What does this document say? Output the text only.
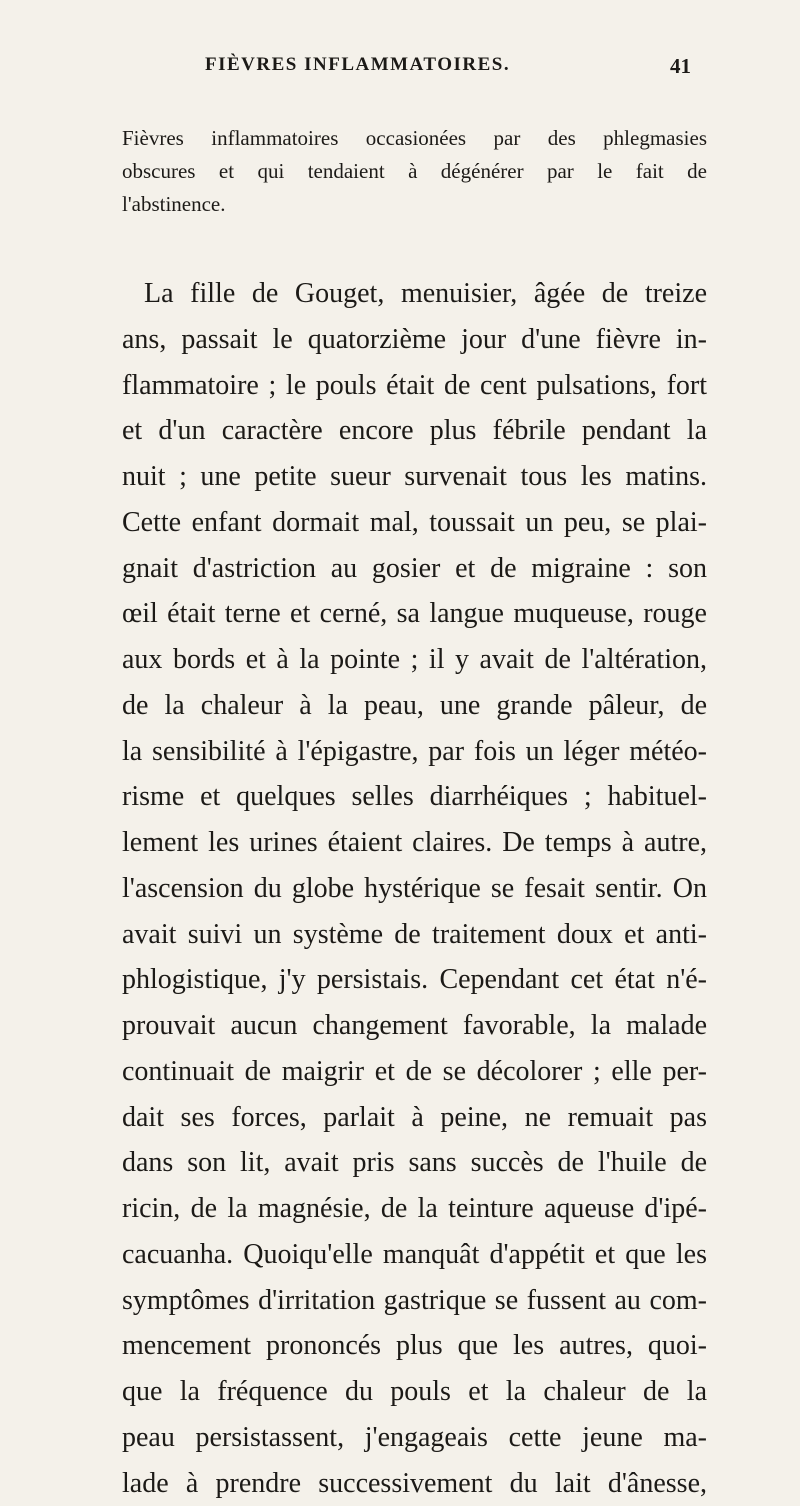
FIÈVRES INFLAMMATOIRES.	41
Fièvres inflammatoires occasionées par des phlegmasies
obscures et qui tendaient à dégénérer par le fait de
l'abstinence.
La fille de Gouget, menuisier, âgée de treize
ans, passait le quatorzième jour d'une fièvre in-
flammatoire ; le pouls était de cent pulsations, fort
et d'un caractère encore plus fébrile pendant la
nuit ; une petite sueur survenait tous les matins.
Cette enfant dormait mal, toussait un peu, se plai-
gnait d'astriction au gosier et de migraine : son
œil était terne et cerné, sa langue muqueuse, rouge
aux bords et à la pointe ; il y avait de l'altération,
de la chaleur à la peau, une grande pâleur, de
la sensibilité à l'épigastre, par fois un léger météo-
risme et quelques selles diarrhéiques ; habituel-
lement les urines étaient claires. De temps à autre,
l'ascension du globe hystérique se fesait sentir. On
avait suivi un système de traitement doux et anti-
phlogistique, j'y persistais. Cependant cet état n'é-
prouvait aucun changement favorable, la malade
continuait de maigrir et de se décolorer ; elle per-
dait ses forces, parlait à peine, ne remuait pas
dans son lit, avait pris sans succès de l'huile de
ricin, de la magnésie, de la teinture aqueuse d'ipé-
cacuanha. Quoiqu'elle manquât d'appétit et que les
symptômes d'irritation gastrique se fussent au com-
mencement prononcés plus que les autres, quoi-
que la fréquence du pouls et la chaleur de la
peau persistassent, j'engageais cette jeune ma-
lade à prendre successivement du lait d'ânesse,
